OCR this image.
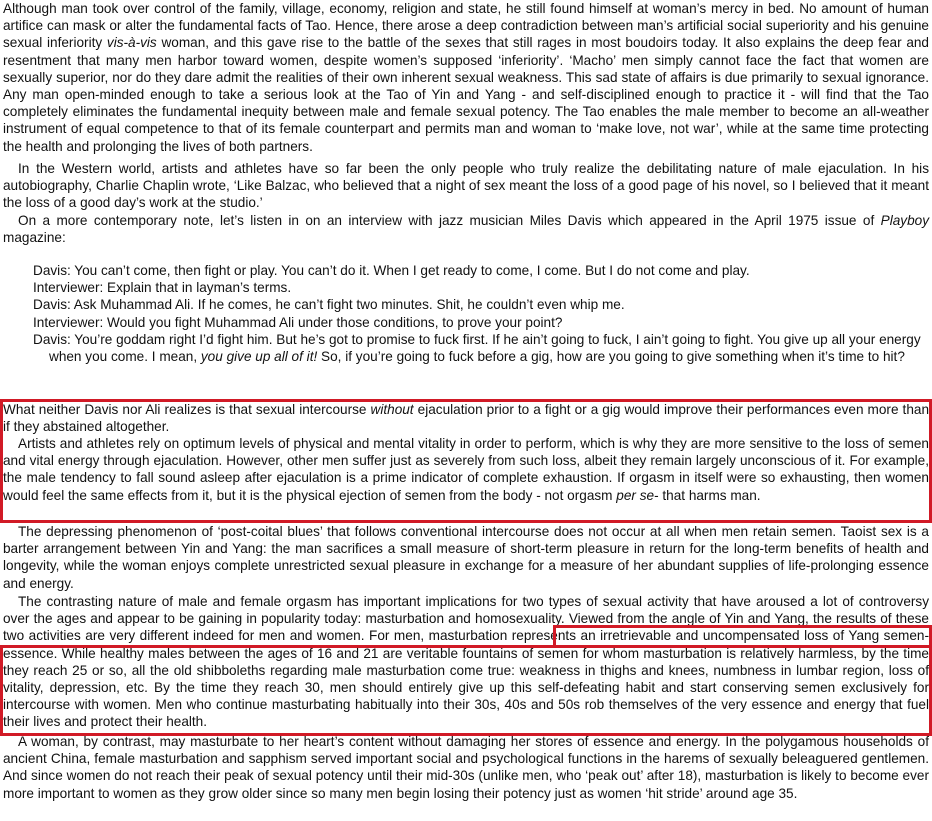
Although man took over control of the family, village, economy, religion and state, he still found himself at woman’s mercy in bed. No amount of human artifice can mask or alter the fundamental facts of Tao. Hence, there arose a deep contradiction between man’s artificial social superiority and his genuine sexual inferiority vis-à-vis woman, and this gave rise to the battle of the sexes that still rages in most boudoirs today. It also explains the deep fear and resentment that many men harbor toward women, despite women’s supposed ‘inferiority’. ‘Macho’ men simply cannot face the fact that women are sexually superior, nor do they dare admit the realities of their own inherent sexual weakness. This sad state of affairs is due primarily to sexual ignorance. Any man open-minded enough to take a serious look at the Tao of Yin and Yang - and self-disciplined enough to practice it - will find that the Tao completely eliminates the fundamental inequity between male and female sexual potency. The Tao enables the male member to become an all-weather instrument of equal competence to that of its female counterpart and permits man and woman to ‘make love, not war’, while at the same time protecting the health and prolonging the lives of both partners.

In the Western world, artists and athletes have so far been the only people who truly realize the debilitating nature of male ejaculation. In his autobiography, Charlie Chaplin wrote, ‘Like Balzac, who believed that a night of sex meant the loss of a good page of his novel, so I believed that it meant the loss of a good day’s work at the studio.’

On a more contemporary note, let’s listen in on an interview with jazz musician Miles Davis which appeared in the April 1975 issue of Playboy magazine:

Davis: You can’t come, then fight or play. You can’t do it. When I get ready to come, I come. But I do not come and play.
Interviewer: Explain that in layman’s terms.
Davis: Ask Muhammad Ali. If he comes, he can’t fight two minutes. Shit, he couldn’t even whip me.
Interviewer: Would you fight Muhammad Ali under those conditions, to prove your point?
Davis: You’re goddam right I’d fight him. But he’s got to promise to fuck first. If he ain’t going to fuck, I ain’t going to fight. You give up all your energy when you come. I mean, you give up all of it! So, if you’re going to fuck before a gig, how are you going to give something when it’s time to hit?

What neither Davis nor Ali realizes is that sexual intercourse without ejaculation prior to a fight or a gig would improve their performances even more than if they abstained altogether.

Artists and athletes rely on optimum levels of physical and mental vitality in order to perform, which is why they are more sensitive to the loss of semen and vital energy through ejaculation. However, other men suffer just as severely from such loss, albeit they remain largely unconscious of it. For example, the male tendency to fall sound asleep after ejaculation is a prime indicator of complete exhaustion. If orgasm in itself were so exhausting, then women would feel the same effects from it, but it is the physical ejection of semen from the body - not orgasm per se- that harms man.

The depressing phenomenon of ‘post-coital blues’ that follows conventional intercourse does not occur at all when men retain semen. Taoist sex is a barter arrangement between Yin and Yang: the man sacrifices a small measure of short-term pleasure in return for the long-term benefits of health and longevity, while the woman enjoys complete unrestricted sexual pleasure in exchange for a measure of her abundant supplies of life-prolonging essence and energy.

The contrasting nature of male and female orgasm has important implications for two types of sexual activity that have aroused a lot of controversy over the ages and appear to be gaining in popularity today: masturbation and homosexuality. Viewed from the angle of Yin and Yang, the results of these two activities are very different indeed for men and women. For men, masturbation represents an irretrievable and uncompensated loss of Yang semen-essence. While healthy males between the ages of 16 and 21 are veritable fountains of semen for whom masturbation is relatively harmless, by the time they reach 25 or so, all the old shibboleths regarding male masturbation come true: weakness in thighs and knees, numbness in lumbar region, loss of vitality, depression, etc. By the time they reach 30, men should entirely give up this self-defeating habit and start conserving semen exclusively for intercourse with women. Men who continue masturbating habitually into their 30s, 40s and 50s rob themselves of the very essence and energy that fuel their lives and protect their health.

A woman, by contrast, may masturbate to her heart’s content without damaging her stores of essence and energy. In the polygamous households of ancient China, female masturbation and sapphism served important social and psychological functions in the harems of sexually beleaguered gentlemen. And since women do not reach their peak of sexual potency until their mid-30s (unlike men, who ‘peak out’ after 18), masturbation is likely to become ever more important to women as they grow older since so many men begin losing their potency just as women ‘hit stride’ around age 35.
